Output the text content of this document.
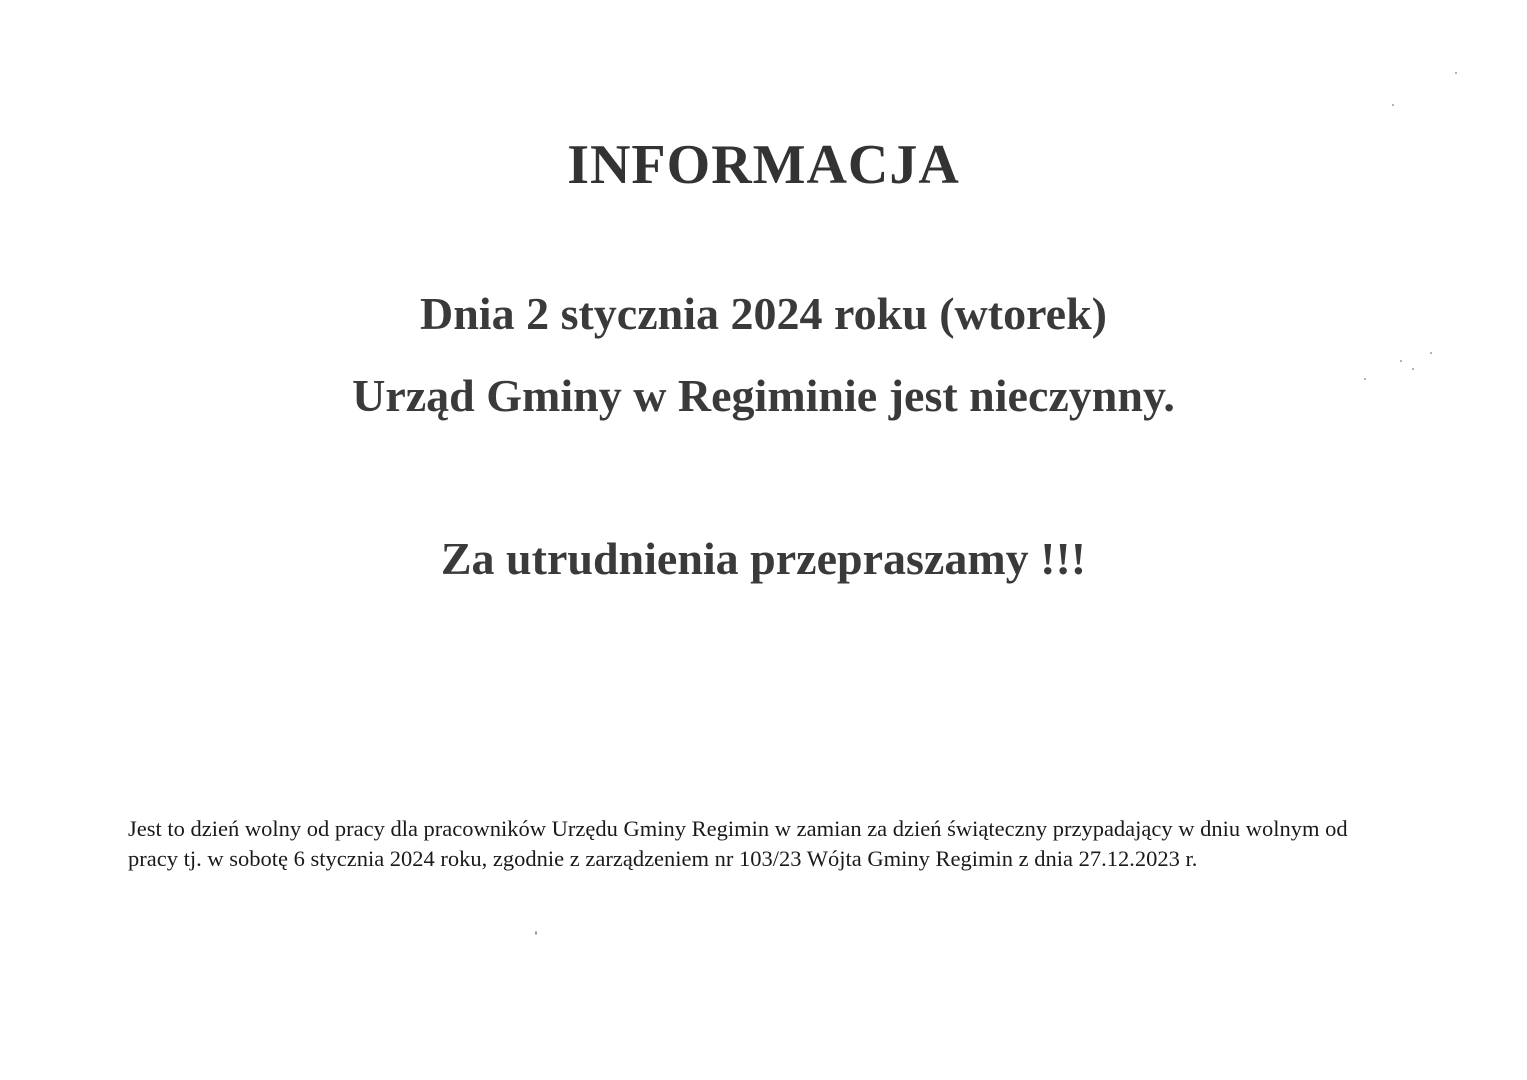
INFORMACJA

Dnia 2 stycznia 2024 roku (wtorek)

Urząd Gminy w Regiminie jest nieczynny.

Za utrudnienia przepraszamy !!!

Jest to dzień wolny od pracy dla pracowników Urzędu Gminy Regimin w zamian za dzień świąteczny przypadający w dniu wolnym od pracy tj. w sobotę 6 stycznia 2024 roku, zgodnie z zarządzeniem nr 103/23 Wójta Gminy Regimin z dnia 27.12.2023 r.
